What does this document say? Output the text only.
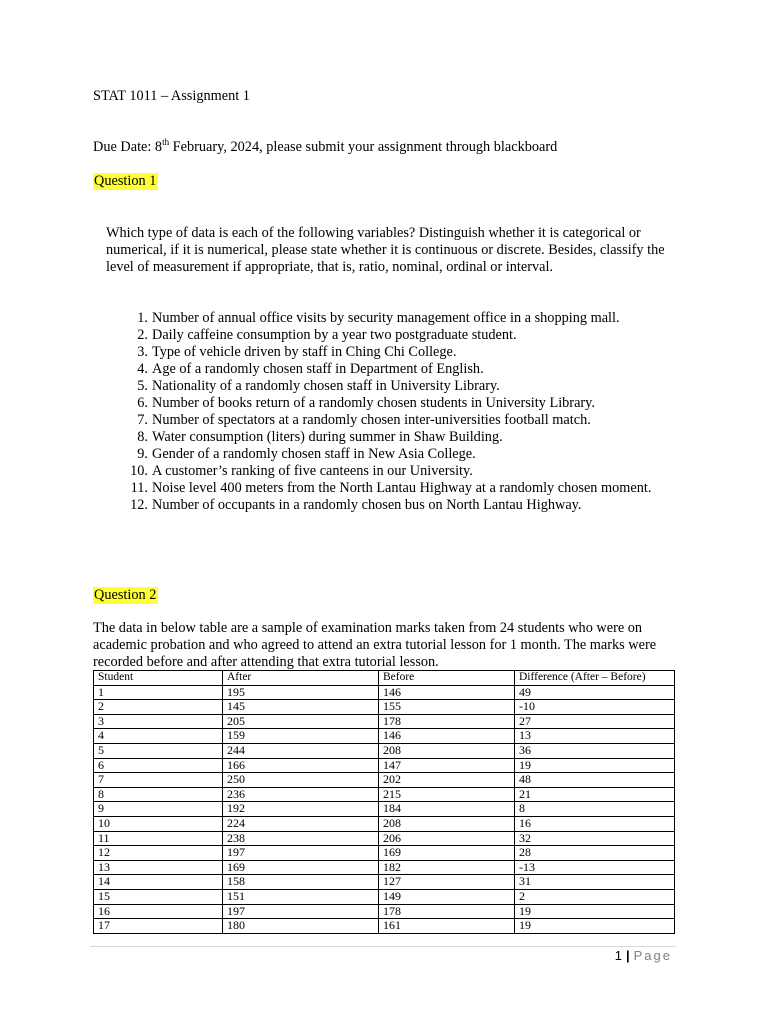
STAT 1011 – Assignment 1
Due Date: 8th February, 2024, please submit your assignment through blackboard
Question 1
Which type of data is each of the following variables? Distinguish whether it is categorical or numerical, if it is numerical, please state whether it is continuous or discrete. Besides, classify the level of measurement if appropriate, that is, ratio, nominal, ordinal or interval.
1. Number of annual office visits by security management office in a shopping mall.
2. Daily caffeine consumption by a year two postgraduate student.
3. Type of vehicle driven by staff in Ching Chi College.
4. Age of a randomly chosen staff in Department of English.
5. Nationality of a randomly chosen staff in University Library.
6. Number of books return of a randomly chosen students in University Library.
7. Number of spectators at a randomly chosen inter-universities football match.
8. Water consumption (liters) during summer in Shaw Building.
9. Gender of a randomly chosen staff in New Asia College.
10. A customer’s ranking of five canteens in our University.
11. Noise level 400 meters from the North Lantau Highway at a randomly chosen moment.
12. Number of occupants in a randomly chosen bus on North Lantau Highway.
Question 2
The data in below table are a sample of examination marks taken from 24 students who were on academic probation and who agreed to attend an extra tutorial lesson for 1 month. The marks were recorded before and after attending that extra tutorial lesson.
Student	After	Before	Difference (After – Before)
1	195	146	49
2	145	155	-10
3	205	178	27
4	159	146	13
5	244	208	36
6	166	147	19
7	250	202	48
8	236	215	21
9	192	184	8
10	224	208	16
11	238	206	32
12	197	169	28
13	169	182	-13
14	158	127	31
15	151	149	2
16	197	178	19
17	180	161	19
1 | Page
